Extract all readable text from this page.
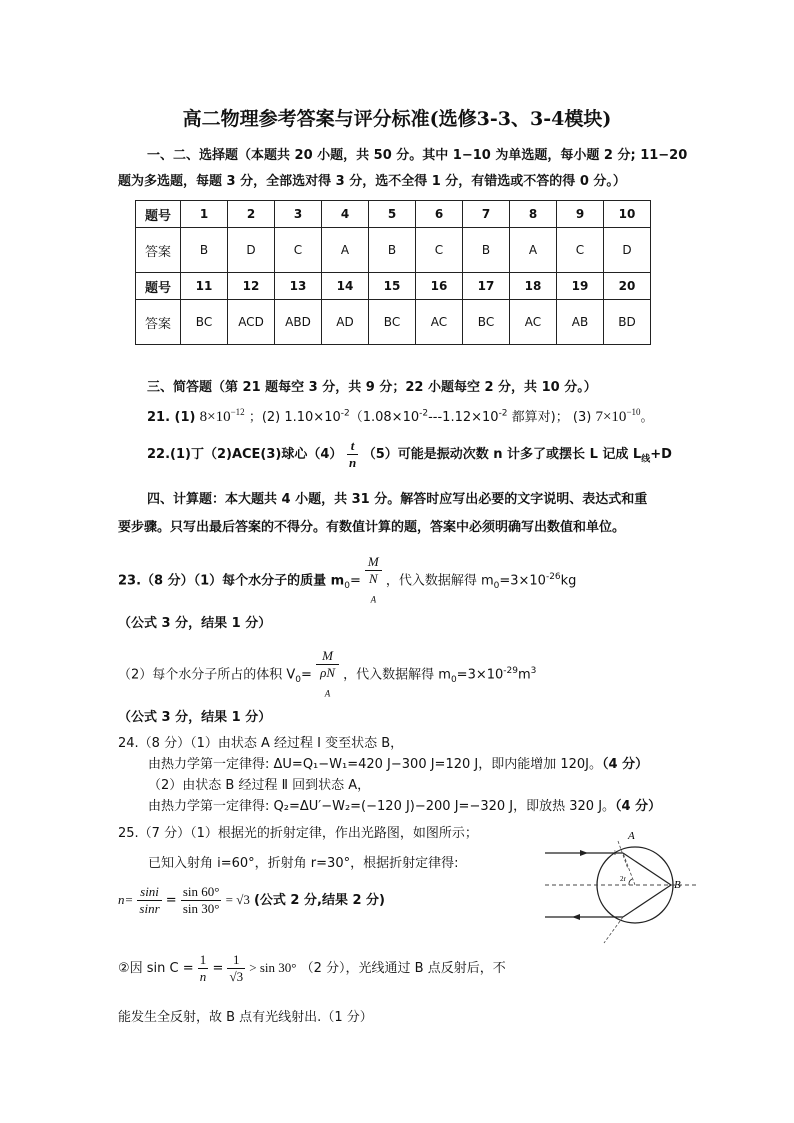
高二物理参考答案与评分标准(选修3-3、3-4模块)
一、二、选择题（本题共 20 小题，共 50 分。其中 1−10 为单选题，每小题 2 分; 11−20
题为多选题，每题 3 分，全部选对得 3 分，选不全得 1 分，有错选或不答的得 0 分。）
题号	1	2	3	4	5	6	7	8	9	10
答案	B	D	C	A	B	C	B	A	C	D
题号	11	12	13	14	15	16	17	18	19	20
答案	BC	ACD	ABD	AD	BC	AC	BC	AC	AB	BD
三、简答题（第 21 题每空 3 分，共 9 分；22 小题每空 2 分，共 10 分。）
21. (1) $8\times 10^{-12}$ ；(2) $1.10\times 10^{-2}(1.08\times 10^{-2}---1.12\times 10^{-2}$ 都算对)； (3) $7\times 10^{-10}$。
22.(1)丁（2)ACE(3)球心$(4) \frac{t}{n} (5)$可能是振动次数 n 计多了或摆长 L 记成 $L_线+D$
四、计算题：本大题共 4 小题，共 31 分。解答时应写出必要的文字说明、表达式和重
要步骤。只写出最后答案的不得分。有数值计算的题，答案中必须明确写出数值和单位。
23.（8 分）（1）每个水分子的质量 $m_0= M$
N
$_A$ ，代入数据解得 $m_0=3\times 10^{-26}kg$
（公式 3 分，结果 1 分）
（2）每个水分子所占的体积 $V_0= M$
ρN
$_A$ ，代入数据解得 $m_0=3\times 10^{-29}m^3$
（公式 3 分，结果 1 分）
24.（8 分）（1）由状态 A 经过程 Ⅰ 变至状态 B，
由热力学第一定律得: ΔU=Q₁−W₁=420 J−300 J=120 J，即内能增加 120J。（4 分）
（2）由状态 B 经过程 Ⅱ 回到状态 A，
由热力学第一定律得: Q₂=ΔU′−W₂=(−120 J)−200 J=−320 J，即放热 320 J。（4 分）
25.（7 分）（1）根据光的折射定律，作出光路图，如图所示；
已知入射角 i=60°，折射角 r=30°，根据折射定律得:
$n= \frac{\sin i}{\sin r} = \frac{\sin 60^\circ}{\sin 30^\circ} = √3$ (公式 2 分,结果 2 分)
②因 $\sin C = \frac{1}{n} = \frac{1}{√3} > \sin 30^\circ$ （2 分），光线通过 B 点反射后，不
能发生全反射，故 B 点有光线射出.（1 分）
A
B
i
2r
